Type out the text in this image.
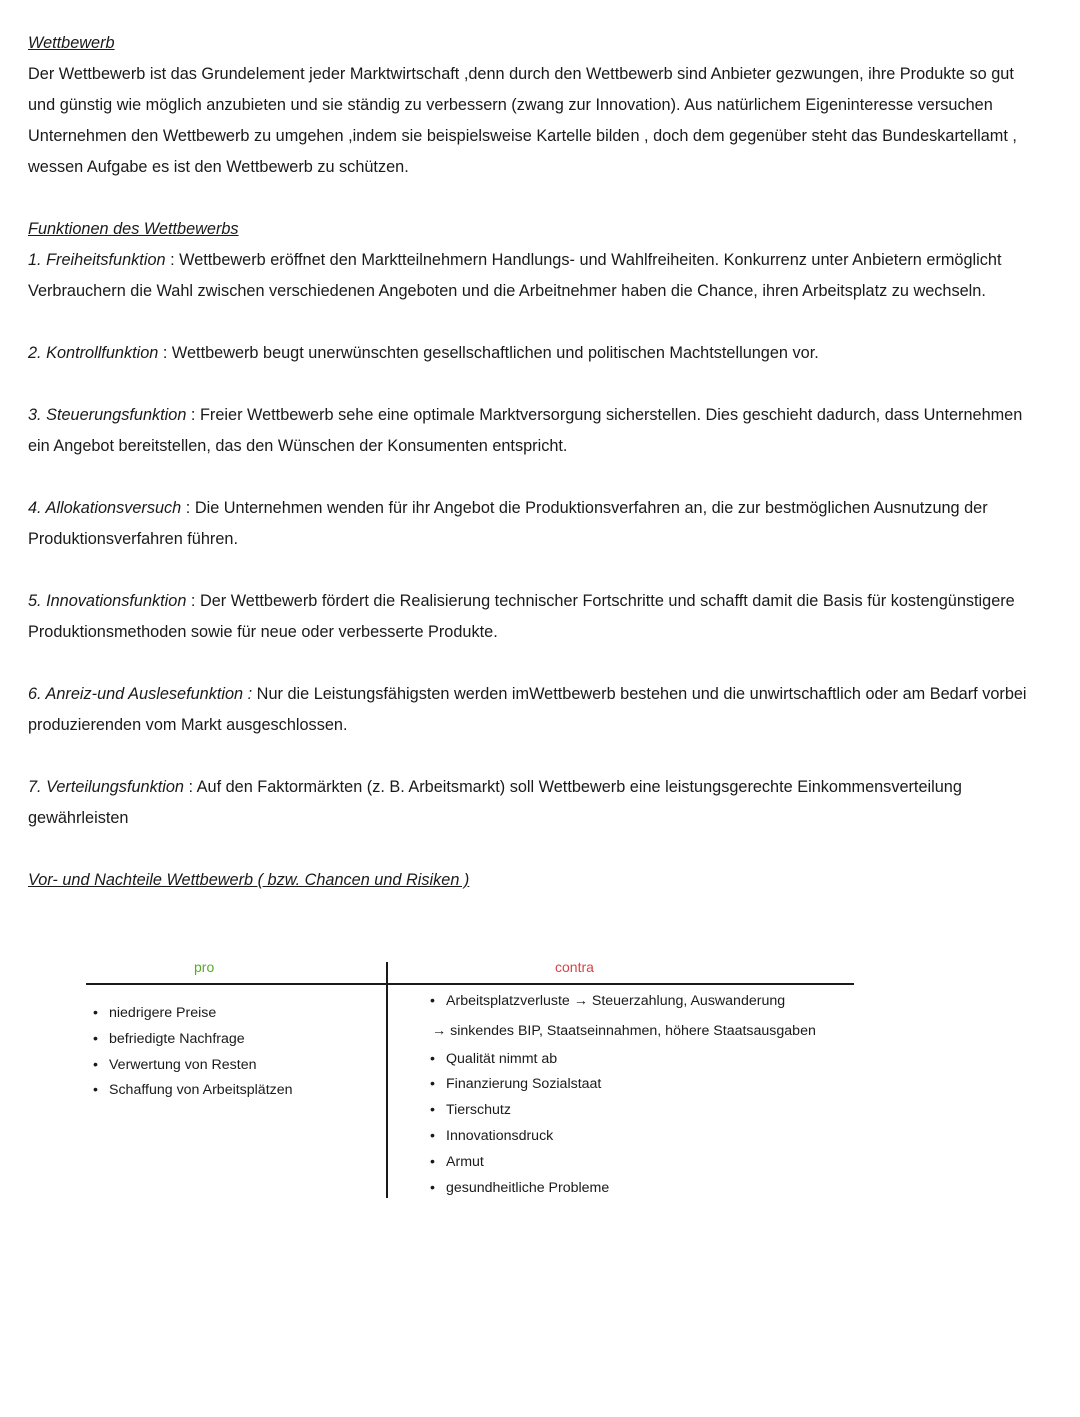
Wettbewerb

Der Wettbewerb ist das Grundelement jeder Marktwirtschaft ,denn durch den Wettbewerb sind Anbieter gezwungen, ihre Produkte so gut und günstig wie möglich anzubieten und sie ständig zu verbessern (zwang zur Innovation). Aus natürlichem Eigeninteresse versuchen Unternehmen den Wettbewerb zu umgehen ,indem sie beispielsweise Kartelle bilden , doch dem gegenüber steht das Bundeskartellamt , wessen Aufgabe es ist den Wettbewerb zu schützen.

Funktionen des Wettbewerbs

1. Freiheitsfunktion : Wettbewerb eröffnet den Marktteilnehmern Handlungs- und Wahlfreiheiten. Konkurrenz unter Anbietern ermöglicht Verbrauchern die Wahl zwischen verschiedenen Angeboten und die Arbeitnehmer haben die Chance, ihren Arbeitsplatz zu wechseln.

2. Kontrollfunktion : Wettbewerb beugt unerwünschten gesellschaftlichen und politischen Machtstellungen vor.

3. Steuerungsfunktion : Freier Wettbewerb sehe eine optimale Marktversorgung sicherstellen. Dies geschieht dadurch, dass Unternehmen ein Angebot bereitstellen, das den Wünschen der Konsumenten entspricht.

4. Allokationsversuch : Die Unternehmen wenden für ihr Angebot die Produktionsverfahren an, die zur bestmöglichen Ausnutzung der Produktionsverfahren führen.

5. Innovationsfunktion : Der Wettbewerb fördert die Realisierung technischer Fortschritte und schafft damit die Basis für kostengünstigere Produktionsmethoden sowie für neue oder verbesserte Produkte.

6. Anreiz-und Auslesefunktion : Nur die Leistungsfähigsten werden imWettbewerb bestehen und die unwirtschaftlich oder am Bedarf vorbei produzierenden vom Markt ausgeschlossen.

7. Verteilungsfunktion : Auf den Faktormärkten (z. B. Arbeitsmarkt) soll Wettbewerb eine leistungsgerechte Einkommensverteilung gewährleisten

Vor- und Nachteile Wettbewerb ( bzw. Chancen und Risiken )
pro	contra
• niedrigere Preise
• befriedigte Nachfrage
• Verwertung von Resten
• Schaffung von Arbeitsplätzen
• Arbeitsplatzverluste → Steuerzahlung, Auswanderung
→ sinkendes BIP, Staatseinnahmen, höhere Staatsausgaben
• Qualität nimmt ab
• Finanzierung Sozialstaat
• Tierschutz
• Innovationsdruck
• Armut
• gesundheitliche Probleme
